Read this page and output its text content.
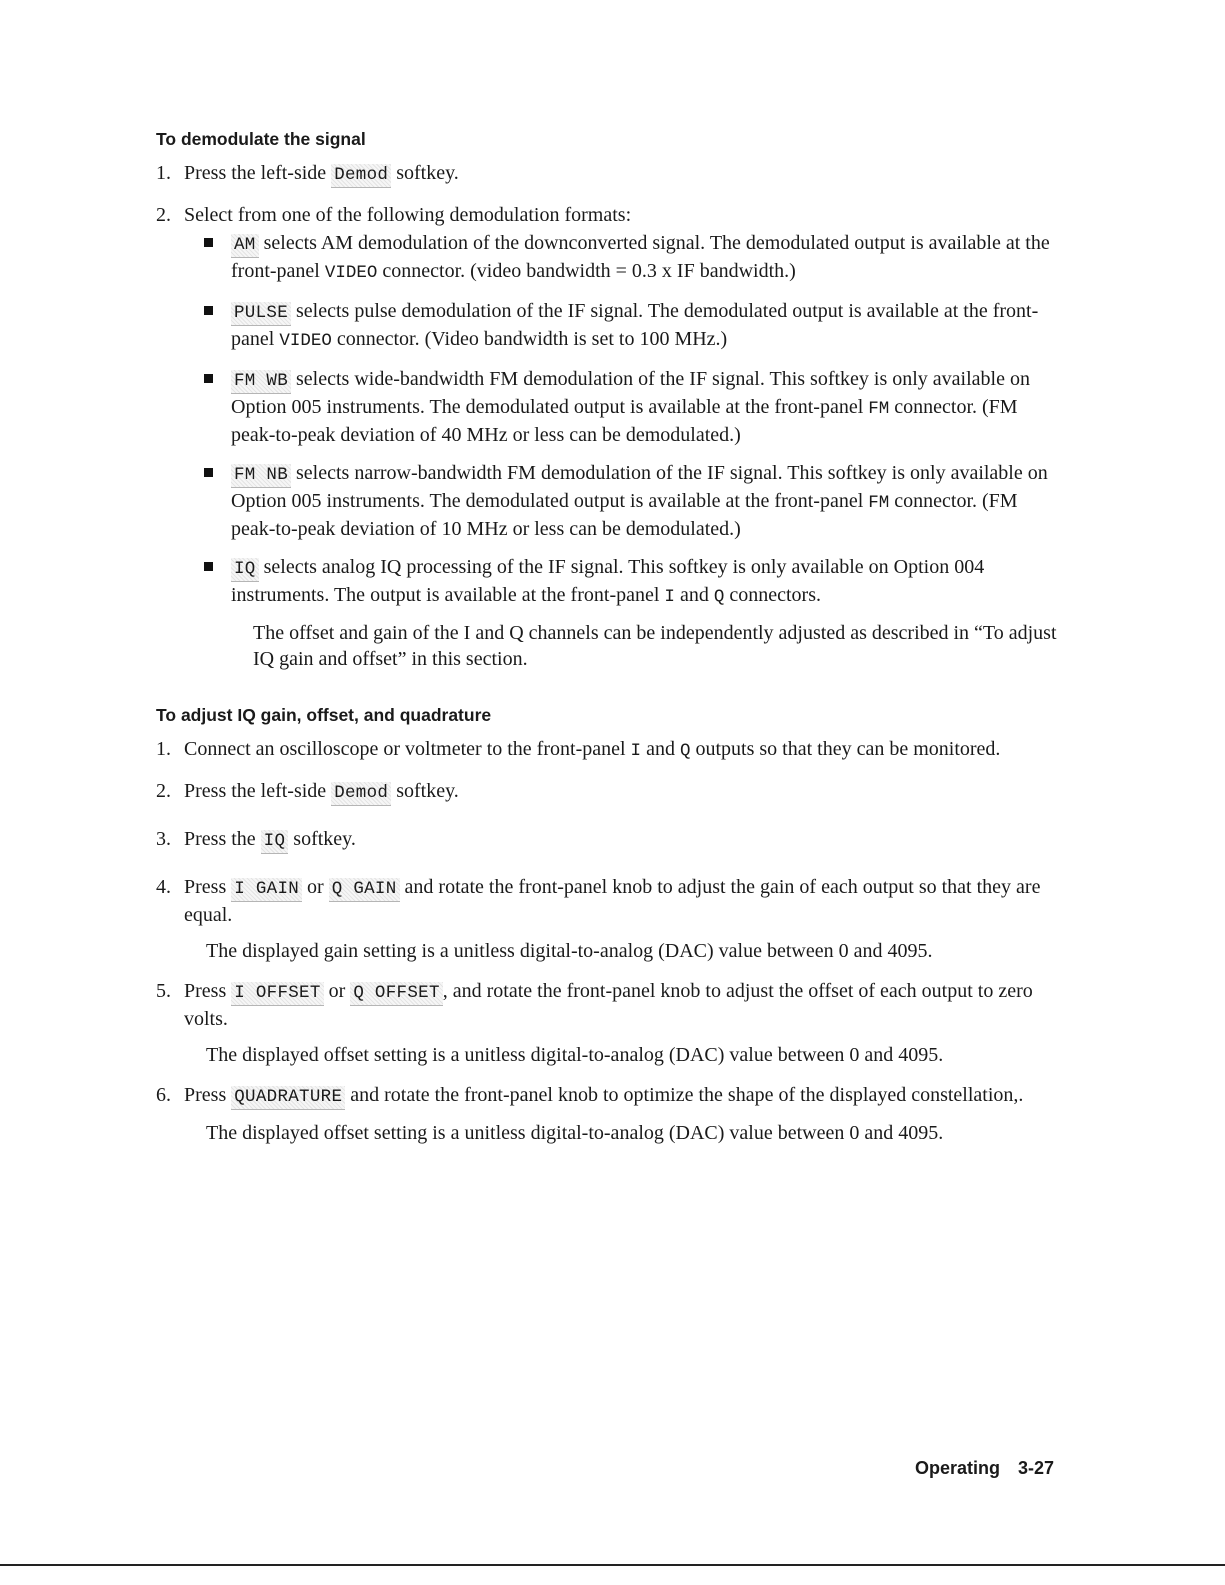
To demodulate the signal
1. Press the left-side Demod softkey.
2. Select from one of the following demodulation formats:
AM selects AM demodulation of the downconverted signal. The demodulated output is available at the front-panel VIDEO connector. (video bandwidth = 0.3 x IF bandwidth.)
PULSE selects pulse demodulation of the IF signal. The demodulated output is available at the front-panel VIDEO connector. (Video bandwidth is set to 100 MHz.)
FM WB selects wide-bandwidth FM demodulation of the IF signal. This softkey is only available on Option 005 instruments. The demodulated output is available at the front-panel FM connector. (FM peak-to-peak deviation of 40 MHz or less can be demodulated.)
FM NB selects narrow-bandwidth FM demodulation of the IF signal. This softkey is only available on Option 005 instruments. The demodulated output is available at the front-panel FM connector. (FM peak-to-peak deviation of 10 MHz or less can be demodulated.)
IQ selects analog IQ processing of the IF signal. This softkey is only available on Option 004 instruments. The output is available at the front-panel I and Q connectors.
The offset and gain of the I and Q channels can be independently adjusted as described in “To adjust IQ gain and offset” in this section.
To adjust IQ gain, offset, and quadrature
1. Connect an oscilloscope or voltmeter to the front-panel I and Q outputs so that they can be monitored.
2. Press the left-side Demod softkey.
3. Press the IQ softkey.
4. Press I GAIN or Q GAIN and rotate the front-panel knob to adjust the gain of each output so that they are equal.
The displayed gain setting is a unitless digital-to-analog (DAC) value between 0 and 4095.
5. Press I OFFSET or Q OFFSET , and rotate the front-panel knob to adjust the offset of each output to zero volts.
The displayed offset setting is a unitless digital-to-analog (DAC) value between 0 and 4095.
6. Press QUADRATURE and rotate the front-panel knob to optimize the shape of the displayed constellation,.
The displayed offset setting is a unitless digital-to-analog (DAC) value between 0 and 4095.
Operating 3-27
